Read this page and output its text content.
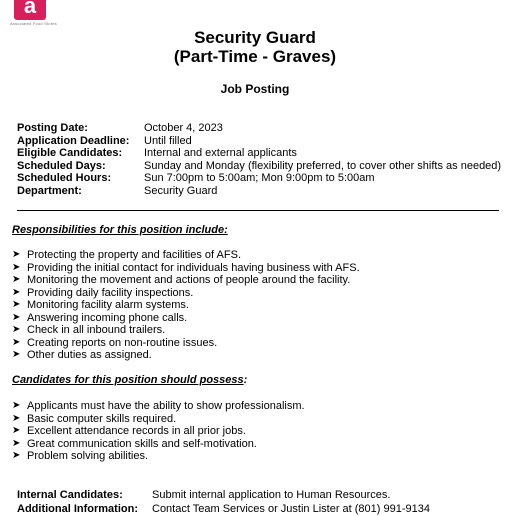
a
Associated Food Stores
Security Guard
(Part-Time - Graves)
Job Posting
Posting Date:	October 4, 2023
Application Deadline:	Until filled
Eligible Candidates:	Internal and external applicants
Scheduled Days:	Sunday and Monday (flexibility preferred, to cover other shifts as needed)
Scheduled Hours:	Sun 7:00pm to 5:00am; Mon 9:00pm to 5:00am
Department:	Security Guard
Responsibilities for this position include:
➤ Protecting the property and facilities of AFS.
➤ Providing the initial contact for individuals having business with AFS.
➤ Monitoring the movement and actions of people around the facility.
➤ Providing daily facility inspections.
➤ Monitoring facility alarm systems.
➤ Answering incoming phone calls.
➤ Check in all inbound trailers.
➤ Creating reports on non-routine issues.
➤ Other duties as assigned.
Candidates for this position should possess:
➤ Applicants must have the ability to show professionalism.
➤ Basic computer skills required.
➤ Excellent attendance records in all prior jobs.
➤ Great communication skills and self-motivation.
➤ Problem solving abilities.
Internal Candidates:	Submit internal application to Human Resources.
Additional Information:	Contact Team Services or Justin Lister at (801) 991-9134
